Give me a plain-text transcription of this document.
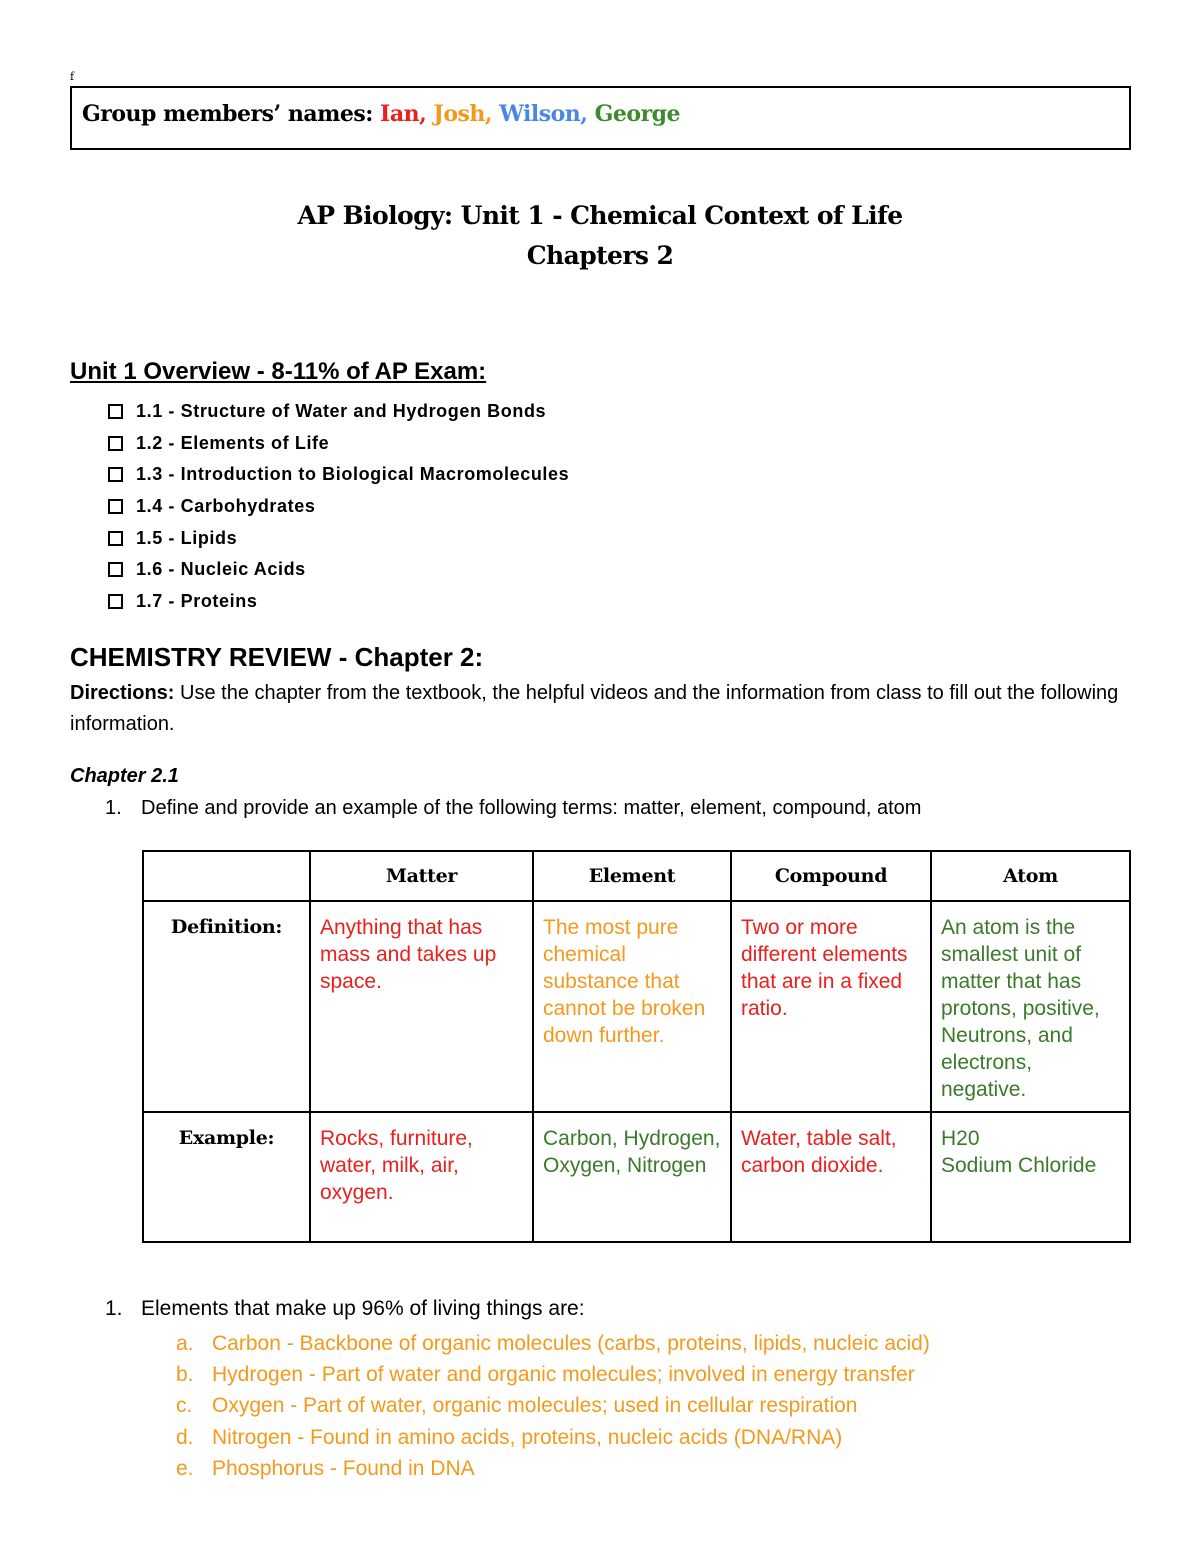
f
Group members’ names: Ian, Josh, Wilson, George
AP Biology: Unit 1 - Chemical Context of Life
Chapters 2
Unit 1 Overview - 8-11% of AP Exam:
1.1 - Structure of Water and Hydrogen Bonds
1.2 - Elements of Life
1.3 - Introduction to Biological Macromolecules
1.4 - Carbohydrates
1.5 - Lipids
1.6 - Nucleic Acids
1.7 - Proteins
CHEMISTRY REVIEW - Chapter 2:
Directions: Use the chapter from the textbook, the helpful videos and the information from class to fill out the following information.
Chapter 2.1
1. Define and provide an example of the following terms: matter, element, compound, atom
	Matter	Element	Compound	Atom
Definition:	Anything that has mass and takes up space.	The most pure chemical substance that cannot be broken down further.	Two or more different elements that are in a fixed ratio.	An atom is the smallest unit of matter that has protons, positive, Neutrons, and electrons, negative.
Example:	Rocks, furniture, water, milk, air, oxygen.	Carbon, Hydrogen, Oxygen, Nitrogen	Water, table salt, carbon dioxide.	H20
Sodium Chloride
1. Elements that make up 96% of living things are:
a. Carbon - Backbone of organic molecules (carbs, proteins, lipids, nucleic acid)
b. Hydrogen - Part of water and organic molecules; involved in energy transfer
c. Oxygen - Part of water, organic molecules; used in cellular respiration
d. Nitrogen - Found in amino acids, proteins, nucleic acids (DNA/RNA)
e. Phosphorus - Found in DNA
